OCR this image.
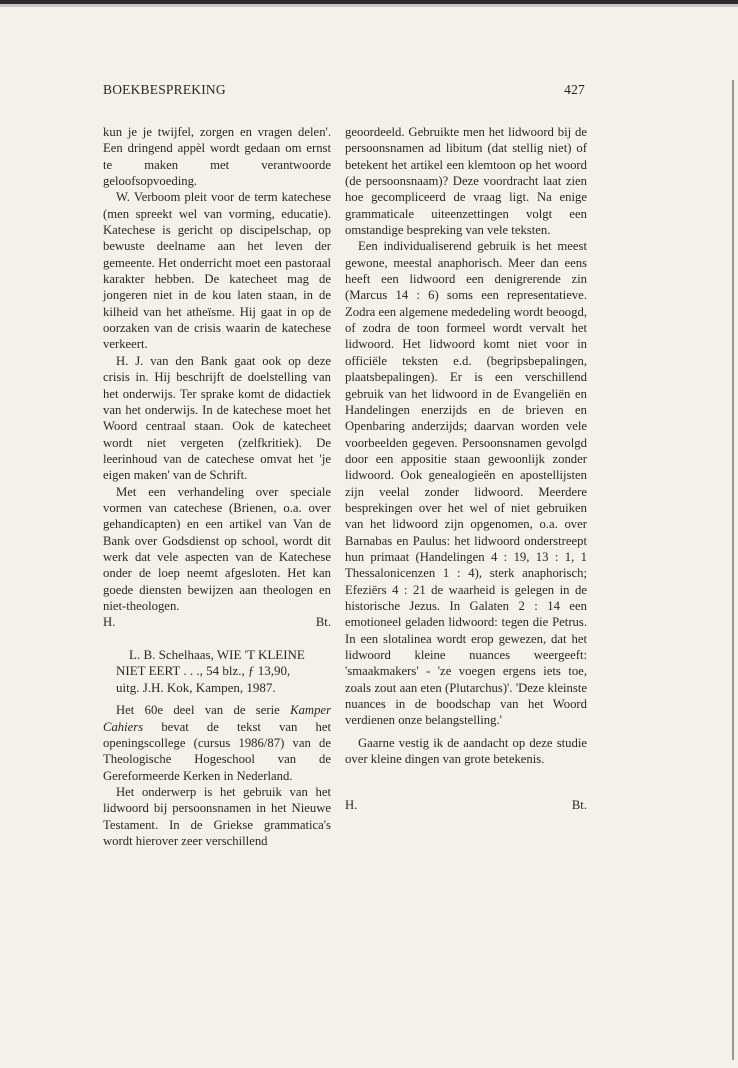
BOEKBESPREKING	427

kun je je twijfel, zorgen en vragen delen'. Een dringend appèl wordt gedaan om ernst te maken met verantwoorde geloofsopvoeding.

W. Verboom pleit voor de term katechese (men spreekt wel van vorming, educatie). Katechese is gericht op discipelschap, op bewuste deelname aan het leven der gemeente. Het onderricht moet een pastoraal karakter hebben. De katecheet mag de jongeren niet in de kou laten staan, in de kilheid van het atheïsme. Hij gaat in op de oorzaken van de crisis waarin de katechese verkeert.

H. J. van den Bank gaat ook op deze crisis in. Hij beschrijft de doelstelling van het onderwijs. Ter sprake komt de didactiek van het onderwijs. In de katechese moet het Woord centraal staan. Ook de katecheet wordt niet vergeten (zelfkritiek). De leerinhoud van de catechese omvat het 'je eigen maken' van de Schrift.

Met een verhandeling over speciale vormen van catechese (Brienen, o.a. over gehandicapten) en een artikel van Van de Bank over Godsdienst op school, wordt dit werk dat vele aspecten van de Katechese onder de loep neemt afgesloten. Het kan goede diensten bewijzen aan theologen en niet-theologen.

H.	Bt.

L. B. Schelhaas, WIE 'T KLEINE
NIET EERT . . ., 54 blz., ƒ 13,90,
uitg. J.H. Kok, Kampen, 1987.

Het 60e deel van de serie Kamper Cahiers bevat de tekst van het openingscollege (cursus 1986/87) van de Theologische Hogeschool van de Gereformeerde Kerken in Nederland.

Het onderwerp is het gebruik van het lidwoord bij persoonsnamen in het Nieuwe Testament. In de Griekse grammatica's wordt hierover zeer verschillend

geoordeeld. Gebruikte men het lidwoord bij de persoonsnamen ad libitum (dat stellig niet) of betekent het artikel een klemtoon op het woord (de persoonsnaam)? Deze voordracht laat zien hoe gecompliceerd de vraag ligt. Na enige grammaticale uiteenzettingen volgt een omstandige bespreking van vele teksten.

Een individualiserend gebruik is het meest gewone, meestal anaphorisch. Meer dan eens heeft een lidwoord een denigrerende zin (Marcus 14 : 6) soms een representatieve. Zodra een algemene mededeling wordt beoogd, of zodra de toon formeel wordt vervalt het lidwoord. Het lidwoord komt niet voor in officiële teksten e.d. (begripsbepalingen, plaatsbepalingen). Er is een verschillend gebruik van het lidwoord in de Evangeliën en Handelingen enerzijds en de brieven en Openbaring anderzijds; daarvan worden vele voorbeelden gegeven. Persoonsnamen gevolgd door een appositie staan gewoonlijk zonder lidwoord. Ook genealogieën en apostellijsten zijn veelal zonder lidwoord. Meerdere besprekingen over het wel of niet gebruiken van het lidwoord zijn opgenomen, o.a. over Barnabas en Paulus: het lidwoord onderstreept hun primaat (Handelingen 4 : 19, 13 : 1, 1 Thessalonicenzen 1 : 4), sterk anaphorisch; Efeziërs 4 : 21 de waarheid is gelegen in de historische Jezus. In Galaten 2 : 14 een emotioneel geladen lidwoord: tegen die Petrus. In een slotalinea wordt erop gewezen, dat het lidwoord kleine nuances weergeeft: 'smaakmakers' - 'ze voegen ergens iets toe, zoals zout aan eten (Plutarchus)'. 'Deze kleinste nuances in de boodschap van het Woord verdienen onze belangstelling.'

Gaarne vestig ik de aandacht op deze studie over kleine dingen van grote betekenis.

H.	Bt.
